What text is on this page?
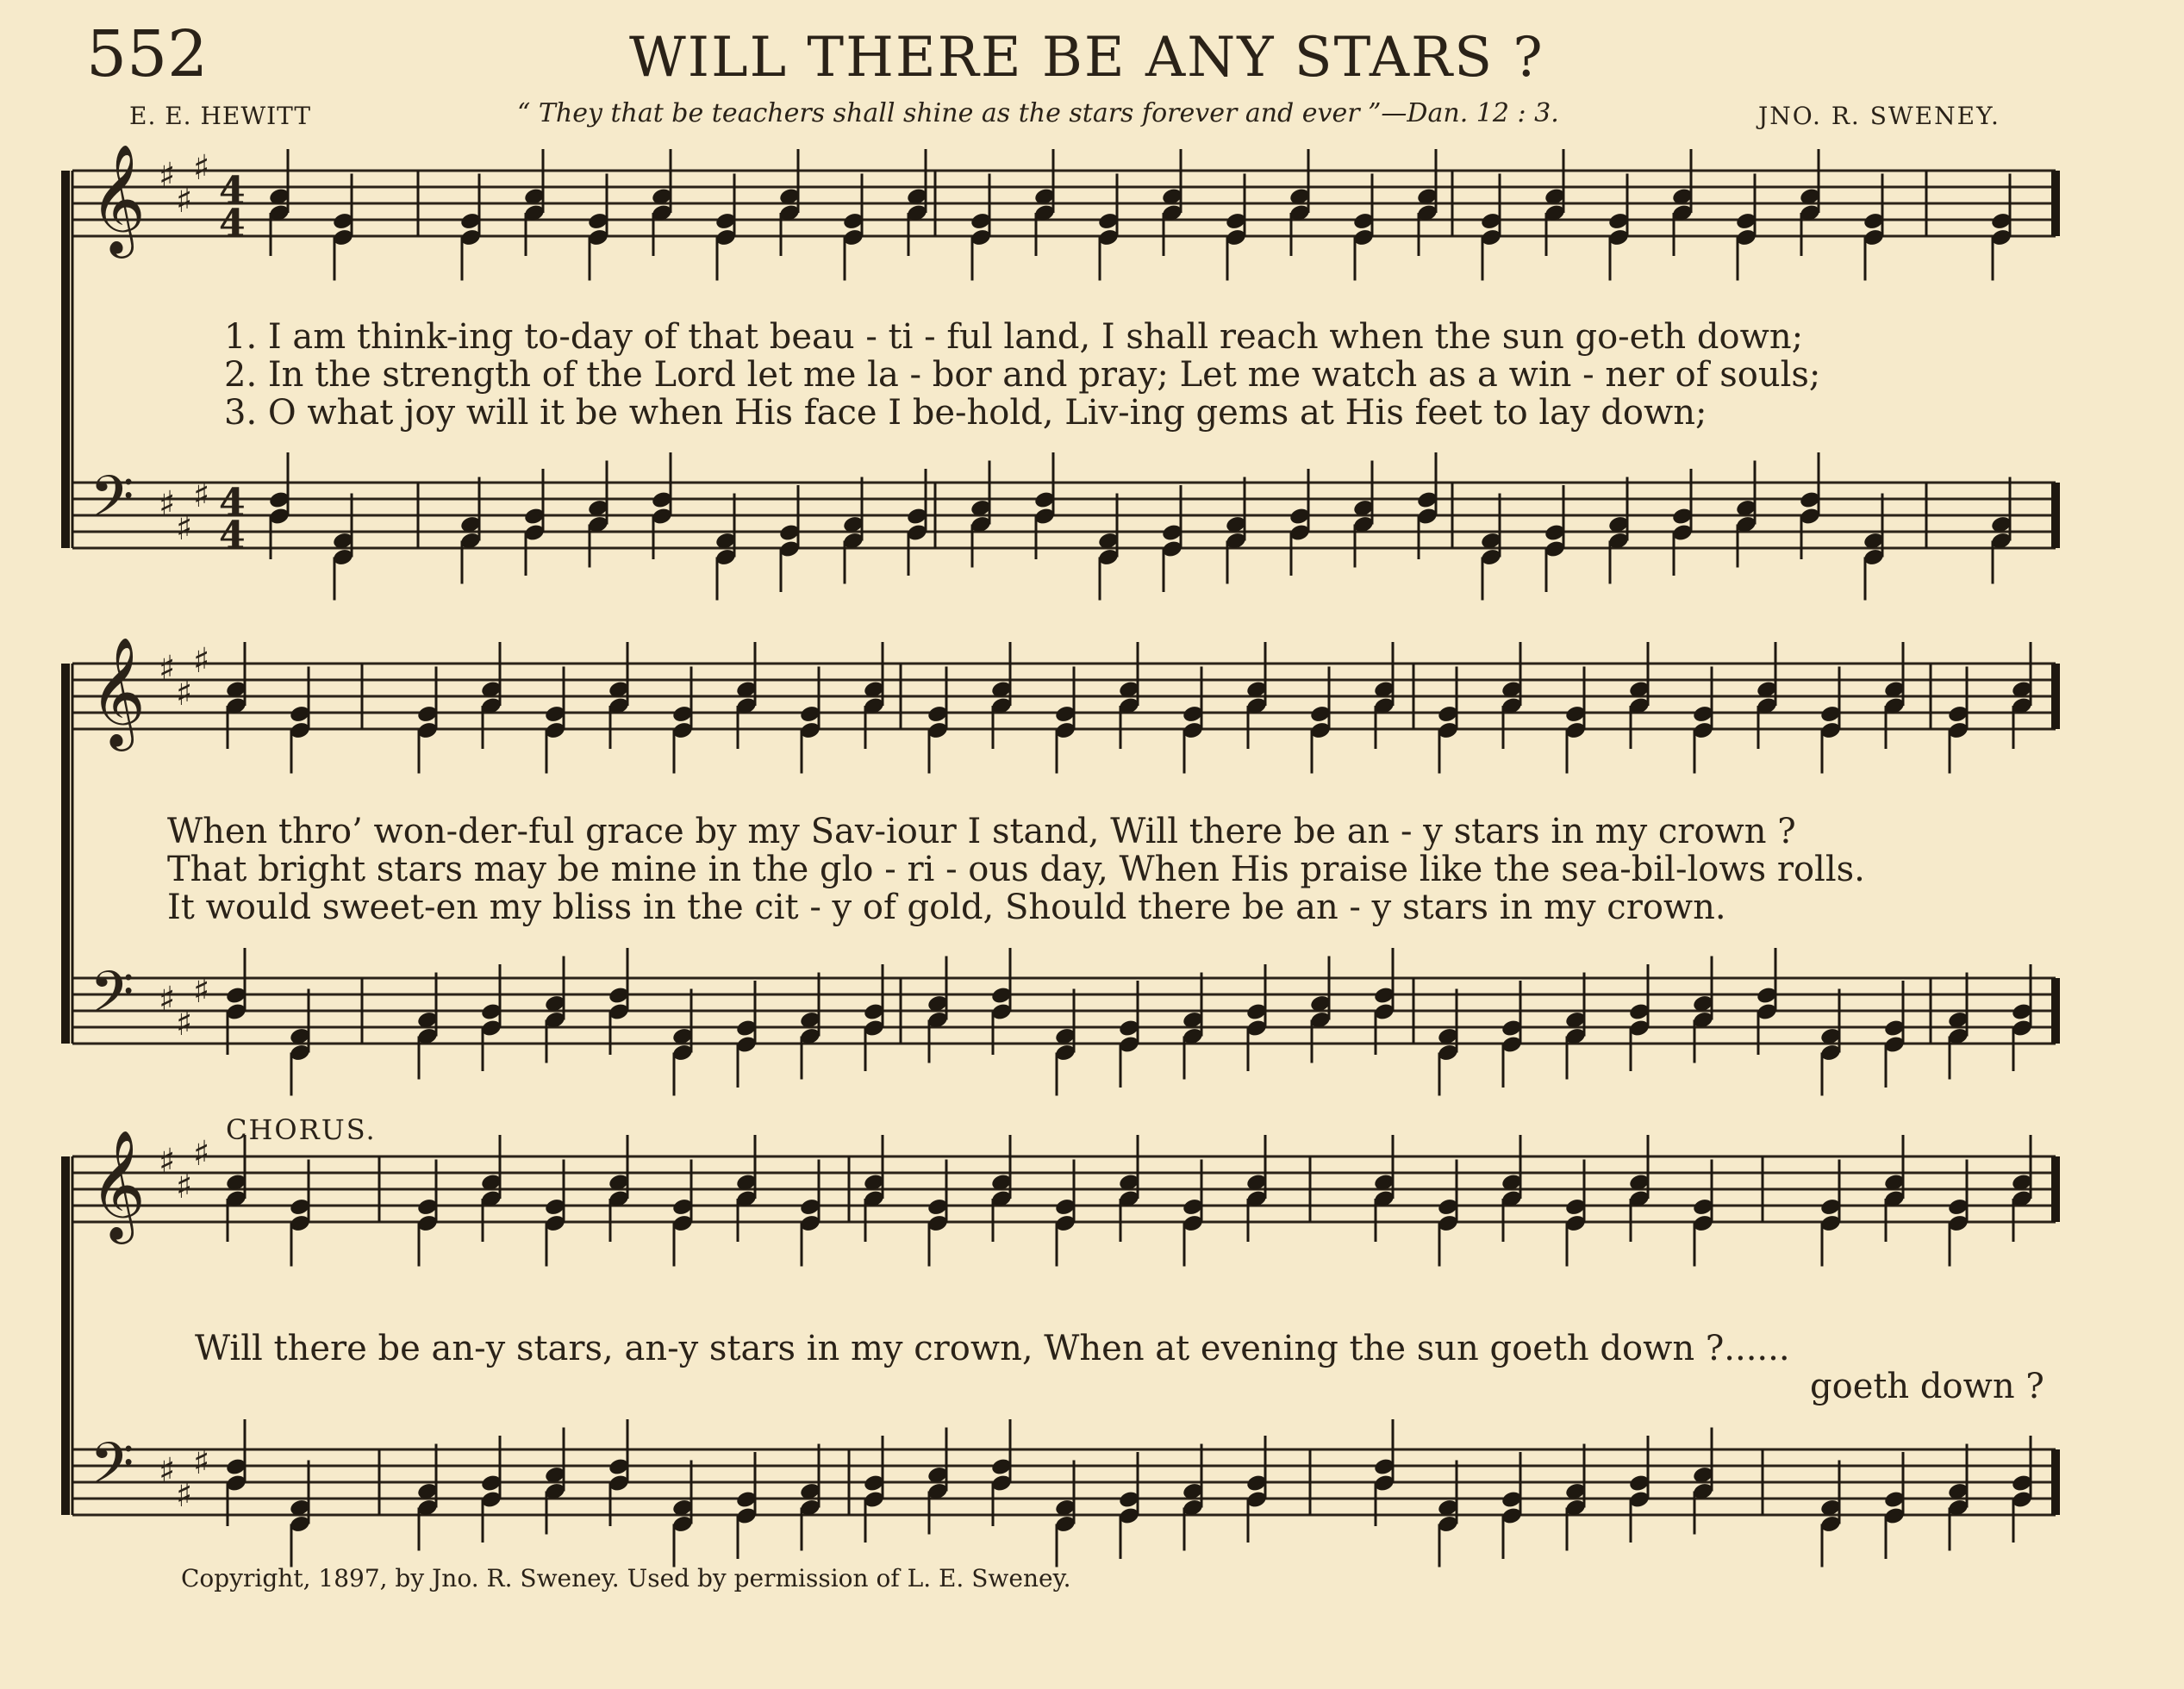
552	WILL THERE BE ANY STARS ?
E. E. HEWITT	“ They that be teachers shall shine as the stars forever and ever ”—Dan. 12 : 3.	JNO. R. SWENEY.
𝄞 ♯
♯
♯
4
4
𝄢 ♯
♯
♯ 4
4
𝄞 ♯
♯
♯
𝄢 ♯
♯
♯
𝄞 ♯
♯
♯
𝄢 ♯
♯
♯
1. I am think-ing to-day of that beau - ti - ful land, I shall reach when the sun go-eth down;
2. In the strength of the Lord let me la - bor and pray; Let me watch as a win - ner of souls;
3. O what joy will it be when His face I be-hold, Liv-ing gems at His feet to lay down;
When thro’ won-der-ful grace by my Sav-iour I stand, Will there be an - y stars in my crown ?
That bright stars may be mine in the glo - ri - ous day, When His praise like the sea-bil-lows rolls.
It would sweet-en my bliss in the cit - y of gold, Should there be an - y stars in my crown.
CHORUS.
Will there be an-y stars, an-y stars in my crown, When at evening the sun goeth down ?......
goeth down ?
Copyright, 1897, by Jno. R. Sweney. Used by permission of L. E. Sweney.
